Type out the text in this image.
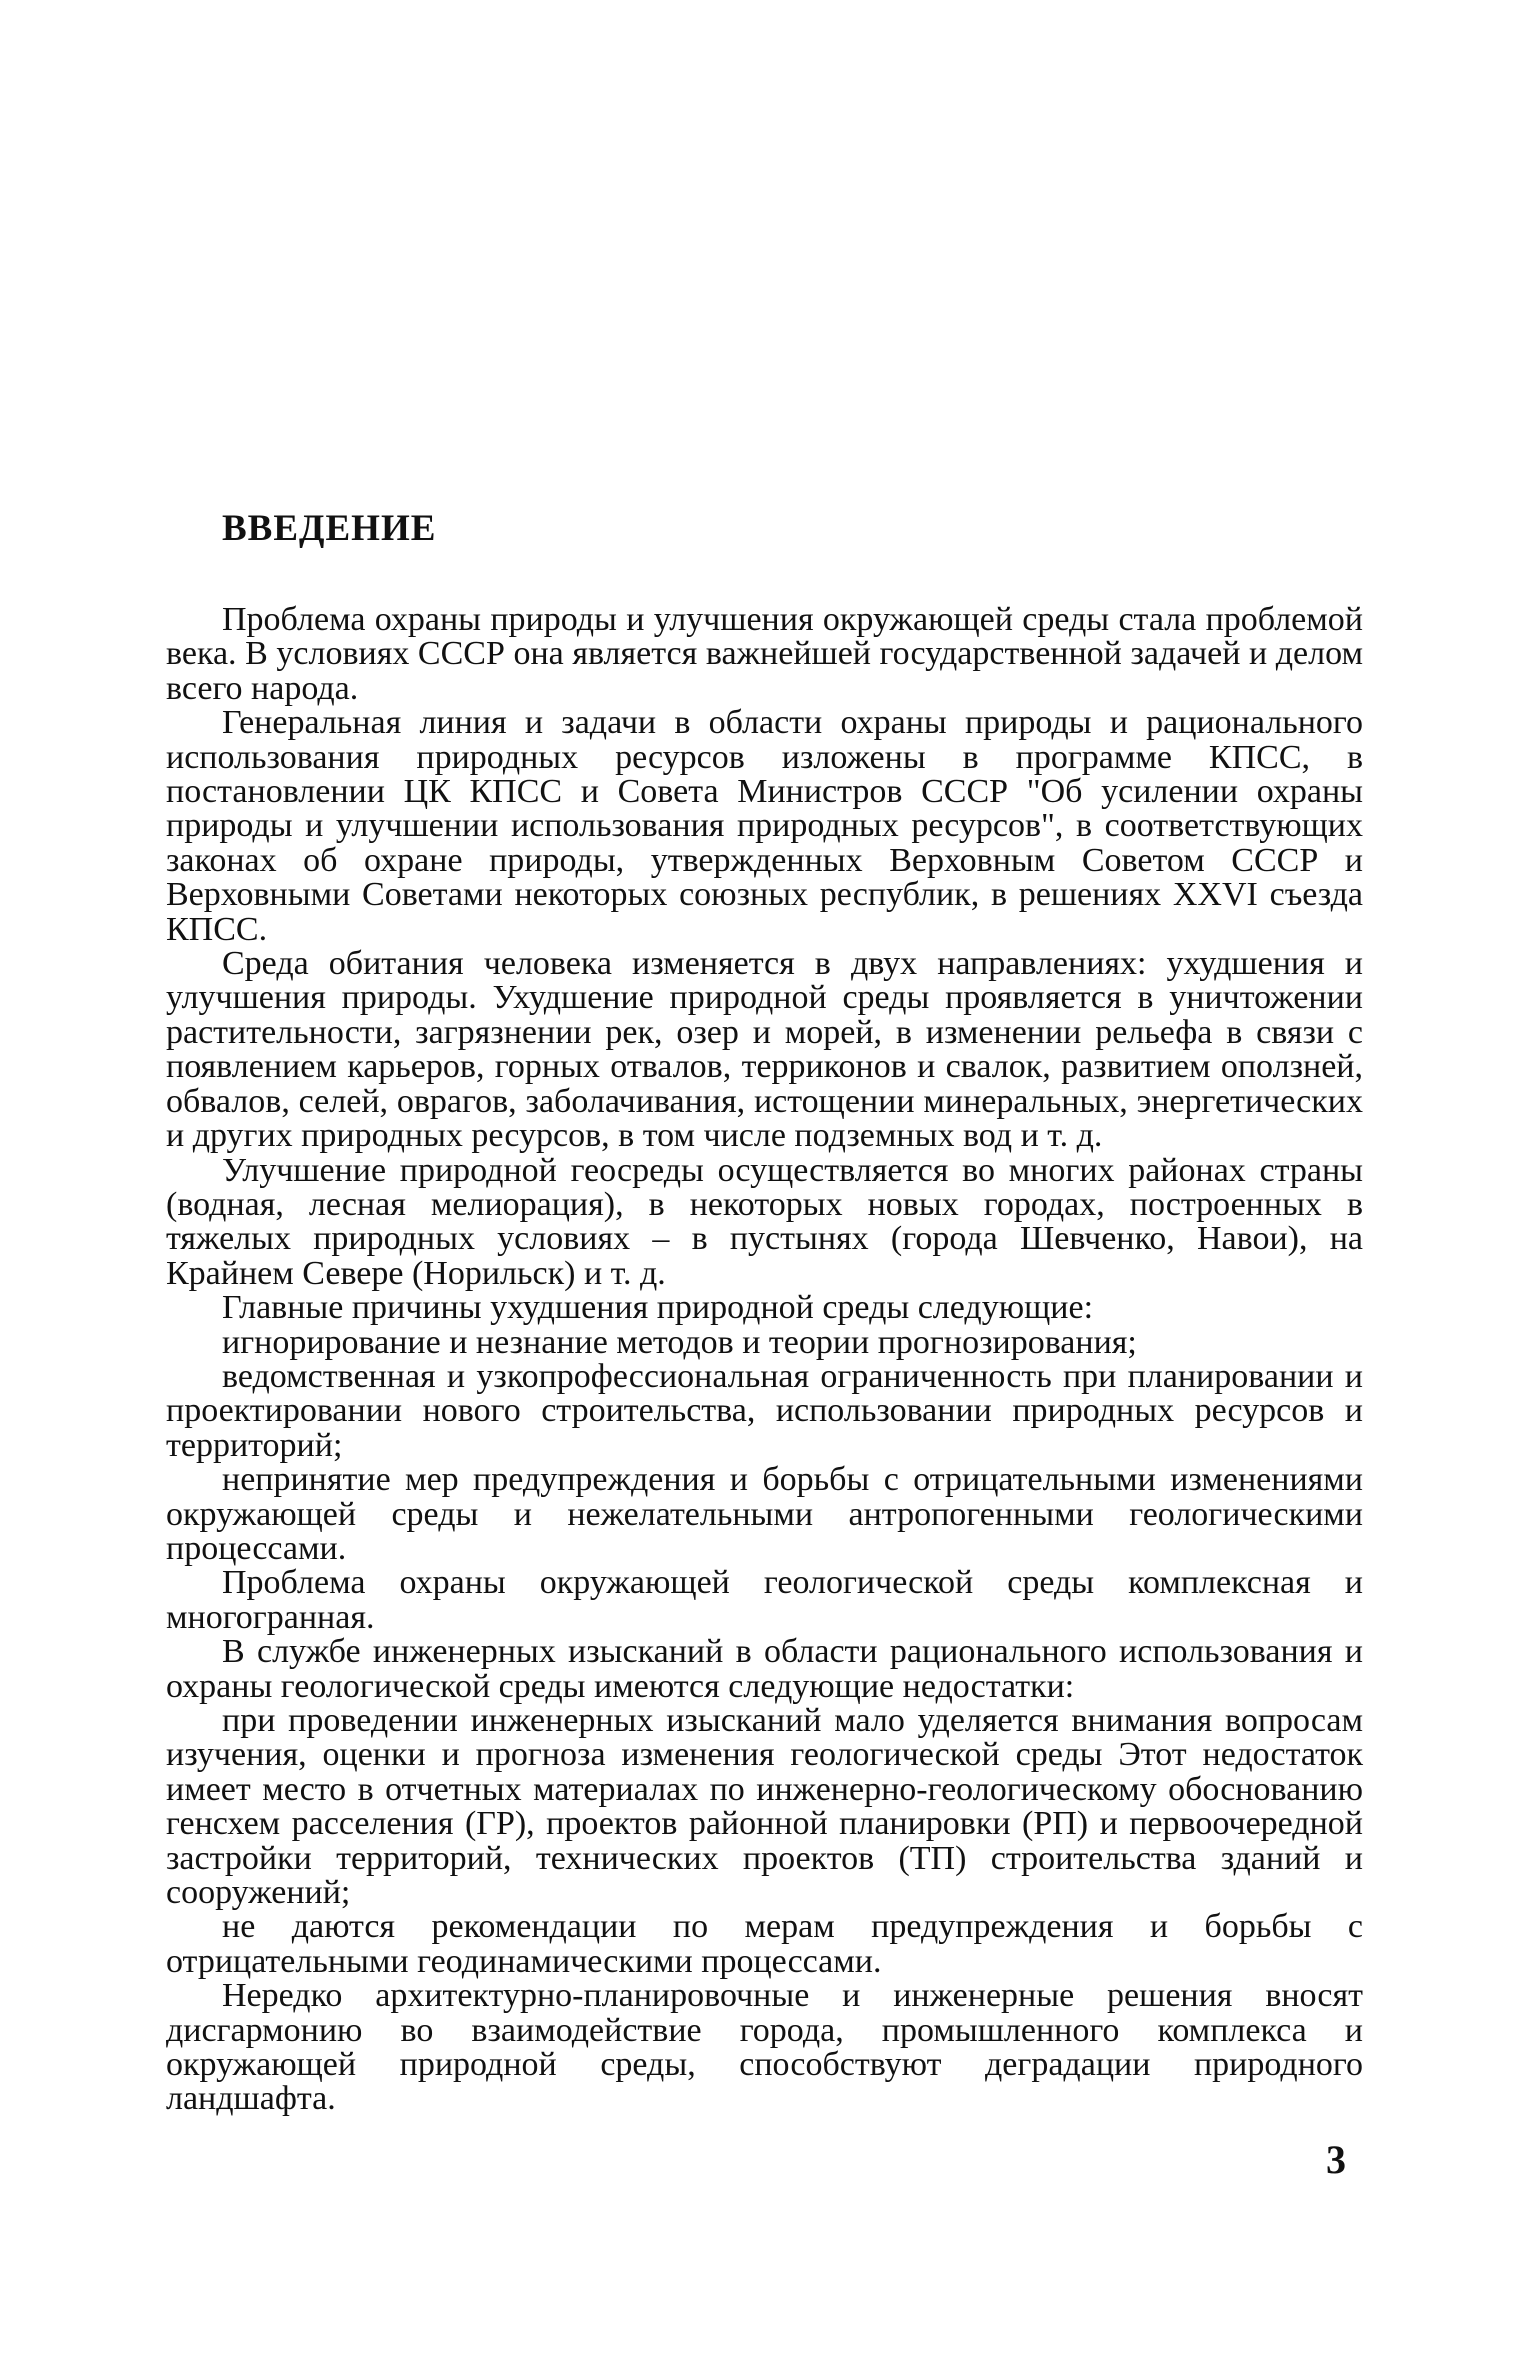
ВВЕДЕНИЕ

Проблема охраны природы и улучшения окружающей среды стала проблемой века. В условиях СССР она является важнейшей государственной задачей и делом всего народа.

Генеральная линия и задачи в области охраны природы и рационального использования природных ресурсов изложены в программе КПСС, в постановлении ЦК КПСС и Совета Министров СССР "Об усилении охраны природы и улучшении использования природных ресурсов", в соответствующих законах об охране природы, утвержденных Верховным Советом СССР и Верховными Советами некоторых союзных республик, в решениях XXVI съезда КПСС.

Среда обитания человека изменяется в двух направлениях: ухудшения и улучшения природы. Ухудшение природной среды проявляется в уничтожении растительности, загрязнении рек, озер и морей, в изменении рельефа в связи с появлением карьеров, горных отвалов, терриконов и свалок, развитием оползней, обвалов, селей, оврагов, заболачивания, истощении минеральных, энергетических и других природных ресурсов, в том числе подземных вод и т. д.

Улучшение природной геосреды осуществляется во многих районах страны (водная, лесная мелиорация), в некоторых новых городах, построенных в тяжелых природных условиях – в пустынях (города Шевченко, Навои), на Крайнем Севере (Норильск) и т. д.

Главные причины ухудшения природной среды следующие:

игнорирование и незнание методов и теории прогнозирования;

ведомственная и узкопрофессиональная ограниченность при планировании и проектировании нового строительства, использовании природных ресурсов и территорий;

непринятие мер предупреждения и борьбы с отрицательными изменениями окружающей среды и нежелательными антропогенными геологическими процессами.

Проблема охраны окружающей геологической среды комплексная и многогранная.

В службе инженерных изысканий в области рационального использования и охраны геологической среды имеются следующие недостатки:

при проведении инженерных изысканий мало уделяется внимания вопросам изучения, оценки и прогноза изменения геологической среды Этот недостаток имеет место в отчетных материалах по инженерно-геологическому обоснованию генсхем расселения (ГР), проектов районной планировки (РП) и первоочередной застройки территорий, технических проектов (ТП) строительства зданий и сооружений;

не даются рекомендации по мерам предупреждения и борьбы с отрицательными геодинамическими процессами.

Нередко архитектурно-планировочные и инженерные решения вносят дисгармонию во взаимодействие города, промышленного комплекса и окружающей природной среды, способствуют деградации природного ландшафта.

3
